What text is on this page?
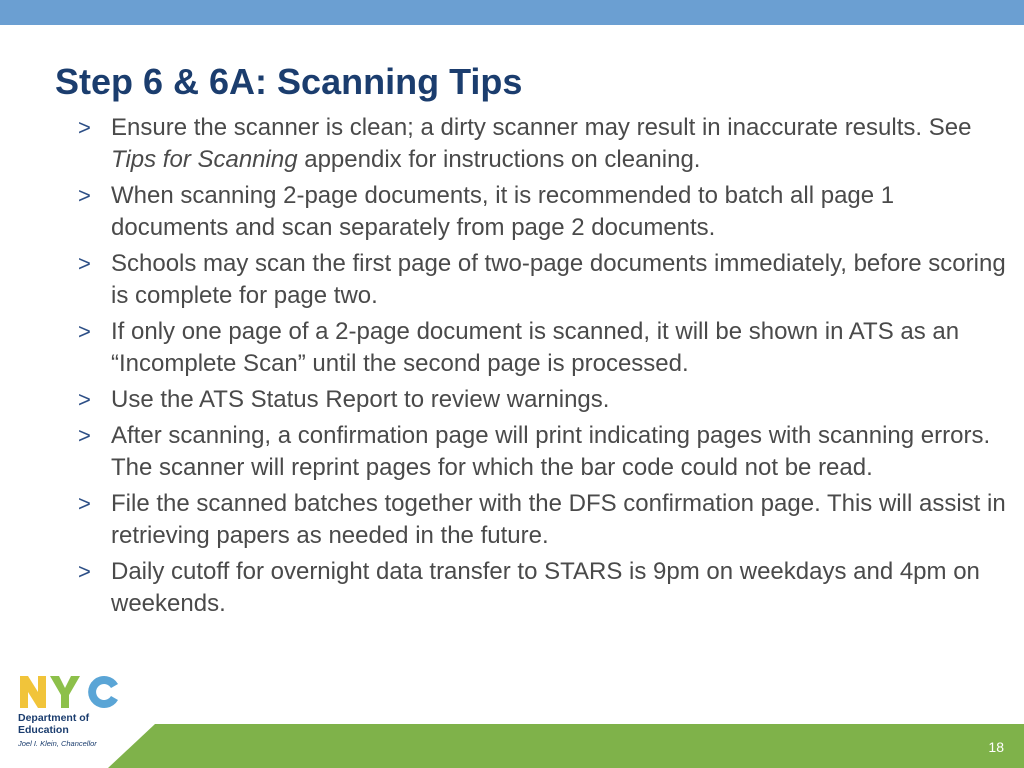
Step 6 & 6A: Scanning Tips
> Ensure the scanner is clean; a dirty scanner may result in inaccurate results. See Tips for Scanning appendix for instructions on cleaning.
> When scanning 2-page documents, it is recommended to batch all page 1 documents and scan separately from page 2 documents.
> Schools may scan the first page of two-page documents immediately, before scoring is complete for page two.
> If only one page of a 2-page document is scanned, it will be shown in ATS as an “Incomplete Scan” until the second page is processed.
> Use the ATS Status Report to review warnings.
> After scanning, a confirmation page will print indicating pages with scanning errors. The scanner will reprint pages for which the bar code could not be read.
> File the scanned batches together with the DFS confirmation page. This will assist in retrieving papers as needed in the future.
> Daily cutoff for overnight data transfer to STARS is 9pm on weekdays and 4pm on weekends.
Department of
Education
Joel I. Klein, Chancellor	18
